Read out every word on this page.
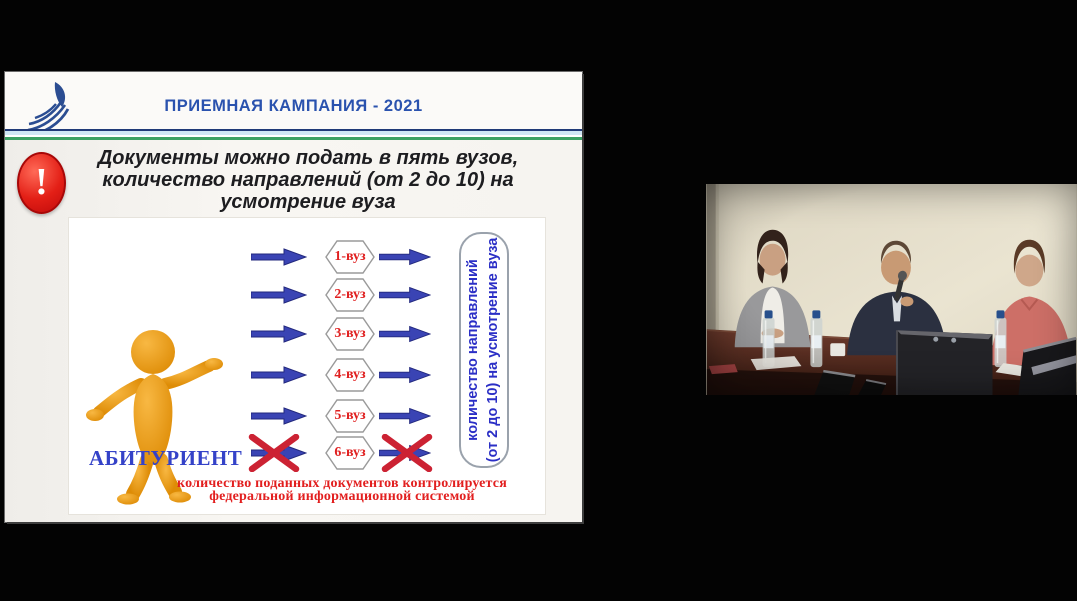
ПРИЕМНАЯ КАМПАНИЯ - 2021
!
Документы можно подать в пять вузов,
количество направлений (от 2 до 10) на
усмотрение вуза
АБИТУРИЕНТ
1-вуз
2-вуз
3-вуз
4-вуз
5-вуз
6-вуз
количество направлений (от 2 до 10) на усмотрение вуза
количество поданных документов контролируется
федеральной информационной системой
